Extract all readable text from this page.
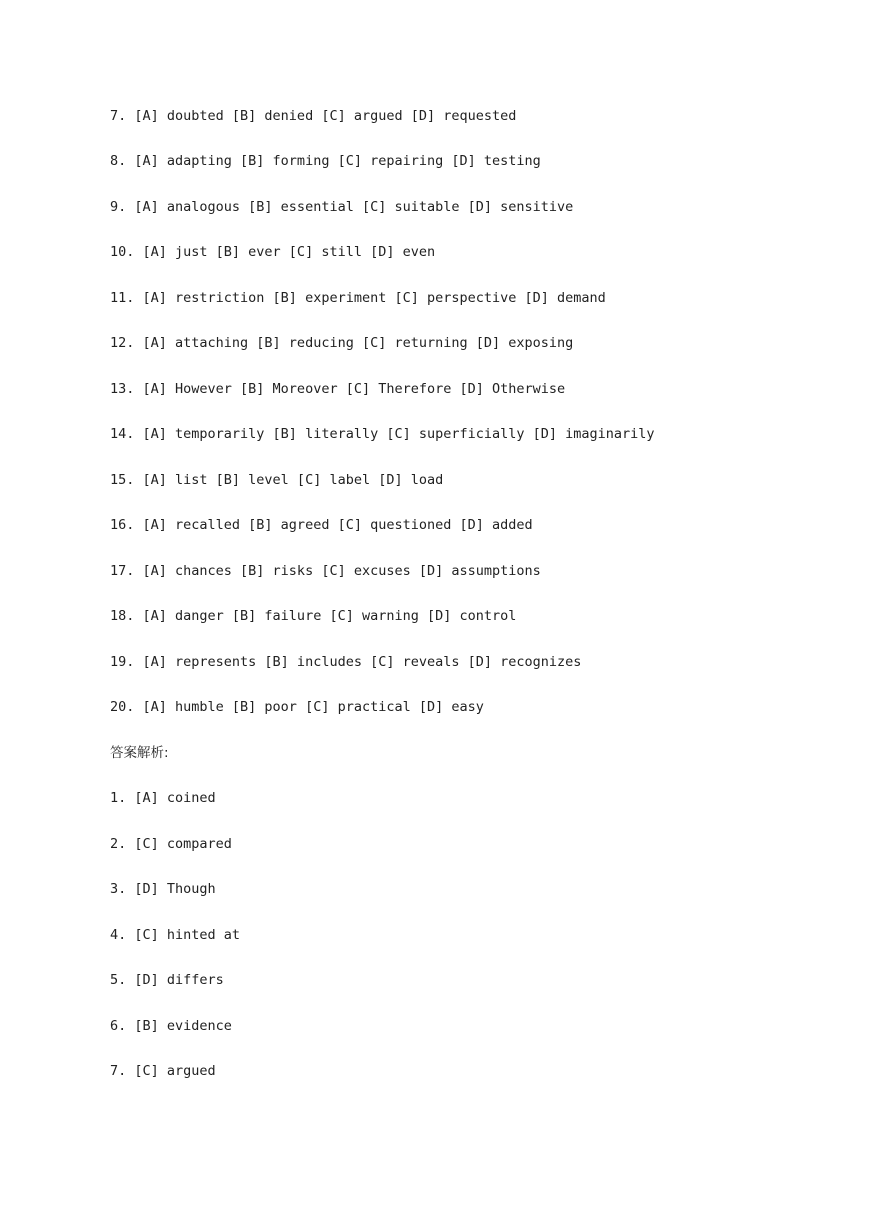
7. [A] doubted [B] denied [C] argued [D] requested
8. [A] adapting [B] forming [C] repairing [D] testing
9. [A] analogous [B] essential [C] suitable [D] sensitive
10. [A] just [B] ever [C] still [D] even
11. [A] restriction [B] experiment [C] perspective [D] demand
12. [A] attaching [B] reducing [C] returning [D] exposing
13. [A] However [B] Moreover [C] Therefore [D] Otherwise
14. [A] temporarily [B] literally [C] superficially [D] imaginarily
15. [A] list [B] level [C] label [D] load
16. [A] recalled [B] agreed [C] questioned [D] added
17. [A] chances [B] risks [C] excuses [D] assumptions
18. [A] danger [B] failure [C] warning [D] control
19. [A] represents [B] includes [C] reveals [D] recognizes
20. [A] humble [B] poor [C] practical [D] easy
答案解析:
1. [A] coined
2. [C] compared
3. [D] Though
4. [C] hinted at
5. [D] differs
6. [B] evidence
7. [C] argued
